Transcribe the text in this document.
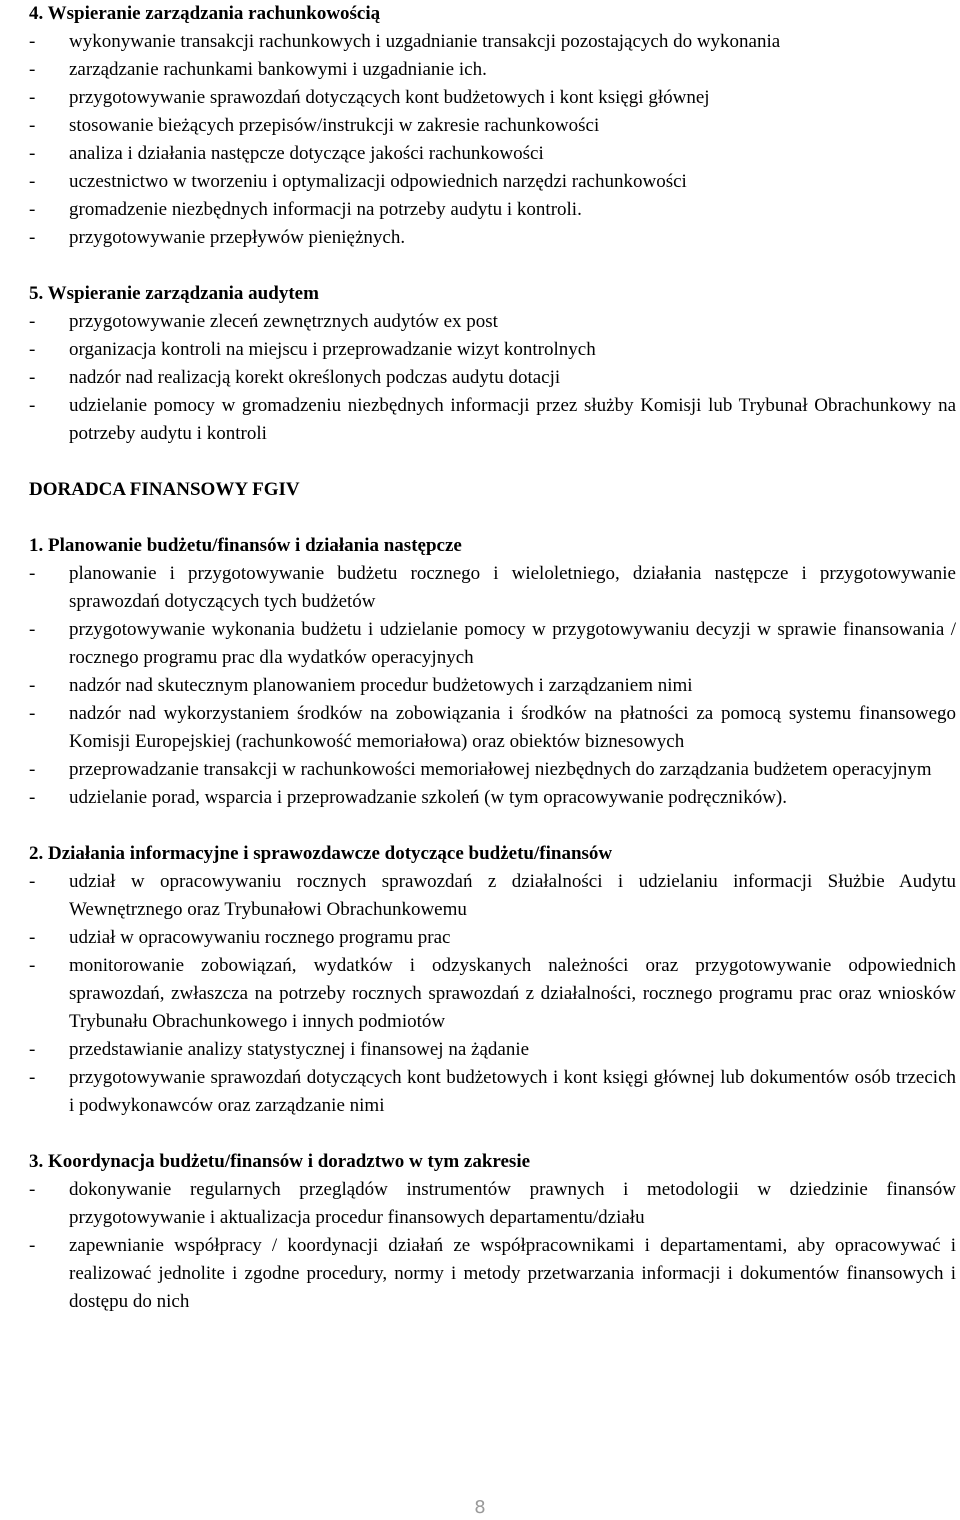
4. Wspieranie zarządzania rachunkowością
-	wykonywanie transakcji rachunkowych i uzgadnianie transakcji pozostających do wykonania
-	zarządzanie rachunkami bankowymi i uzgadnianie ich.
-	przygotowywanie sprawozdań dotyczących kont budżetowych i kont księgi głównej
-	stosowanie bieżących przepisów/instrukcji w zakresie rachunkowości
-	analiza i działania następcze dotyczące jakości rachunkowości
-	uczestnictwo w tworzeniu i optymalizacji odpowiednich narzędzi rachunkowości
-	gromadzenie niezbędnych informacji na potrzeby audytu i kontroli.
-	przygotowywanie przepływów pieniężnych.
5. Wspieranie zarządzania audytem
-	przygotowywanie zleceń zewnętrznych audytów ex post
-	organizacja kontroli na miejscu i przeprowadzanie wizyt kontrolnych
-	nadzór nad realizacją korekt określonych podczas audytu dotacji
-	udzielanie pomocy w gromadzeniu niezbędnych informacji przez służby Komisji lub Trybunał Obrachunkowy na potrzeby audytu i kontroli
DORADCA FINANSOWY FGIV
1. Planowanie budżetu/finansów i działania następcze
-	planowanie i przygotowywanie budżetu rocznego i wieloletniego, działania następcze i przygotowywanie sprawozdań dotyczących tych budżetów
-	przygotowywanie wykonania budżetu i udzielanie pomocy w przygotowywaniu decyzji w sprawie finansowania / rocznego programu prac dla wydatków operacyjnych
-	nadzór nad skutecznym planowaniem procedur budżetowych i zarządzaniem nimi
-	nadzór nad wykorzystaniem środków na zobowiązania i środków na płatności za pomocą systemu finansowego Komisji Europejskiej (rachunkowość memoriałowa) oraz obiektów biznesowych
-	przeprowadzanie transakcji w rachunkowości memoriałowej niezbędnych do zarządzania budżetem operacyjnym
-	udzielanie porad, wsparcia i przeprowadzanie szkoleń (w tym opracowywanie podręczników).
2. Działania informacyjne i sprawozdawcze dotyczące budżetu/finansów
-	udział w opracowywaniu rocznych sprawozdań z działalności i udzielaniu informacji Służbie Audytu Wewnętrznego oraz Trybunałowi Obrachunkowemu
-	udział w opracowywaniu rocznego programu prac
-	monitorowanie zobowiązań, wydatków i odzyskanych należności oraz przygotowywanie odpowiednich sprawozdań, zwłaszcza na potrzeby rocznych sprawozdań z działalności, rocznego programu prac oraz wniosków Trybunału Obrachunkowego i innych podmiotów
-	przedstawianie analizy statystycznej i finansowej na żądanie
-	przygotowywanie sprawozdań dotyczących kont budżetowych i kont księgi głównej lub dokumentów osób trzecich i podwykonawców oraz zarządzanie nimi
3. Koordynacja budżetu/finansów i doradztwo w tym zakresie
-	dokonywanie regularnych przeglądów instrumentów prawnych i metodologii w dziedzinie finansów przygotowywanie i aktualizacja procedur finansowych departamentu/działu
-	zapewnianie współpracy / koordynacji działań ze współpracownikami i departamentami, aby opracowywać i realizować jednolite i zgodne procedury, normy i metody przetwarzania informacji i dokumentów finansowych i dostępu do nich
8
